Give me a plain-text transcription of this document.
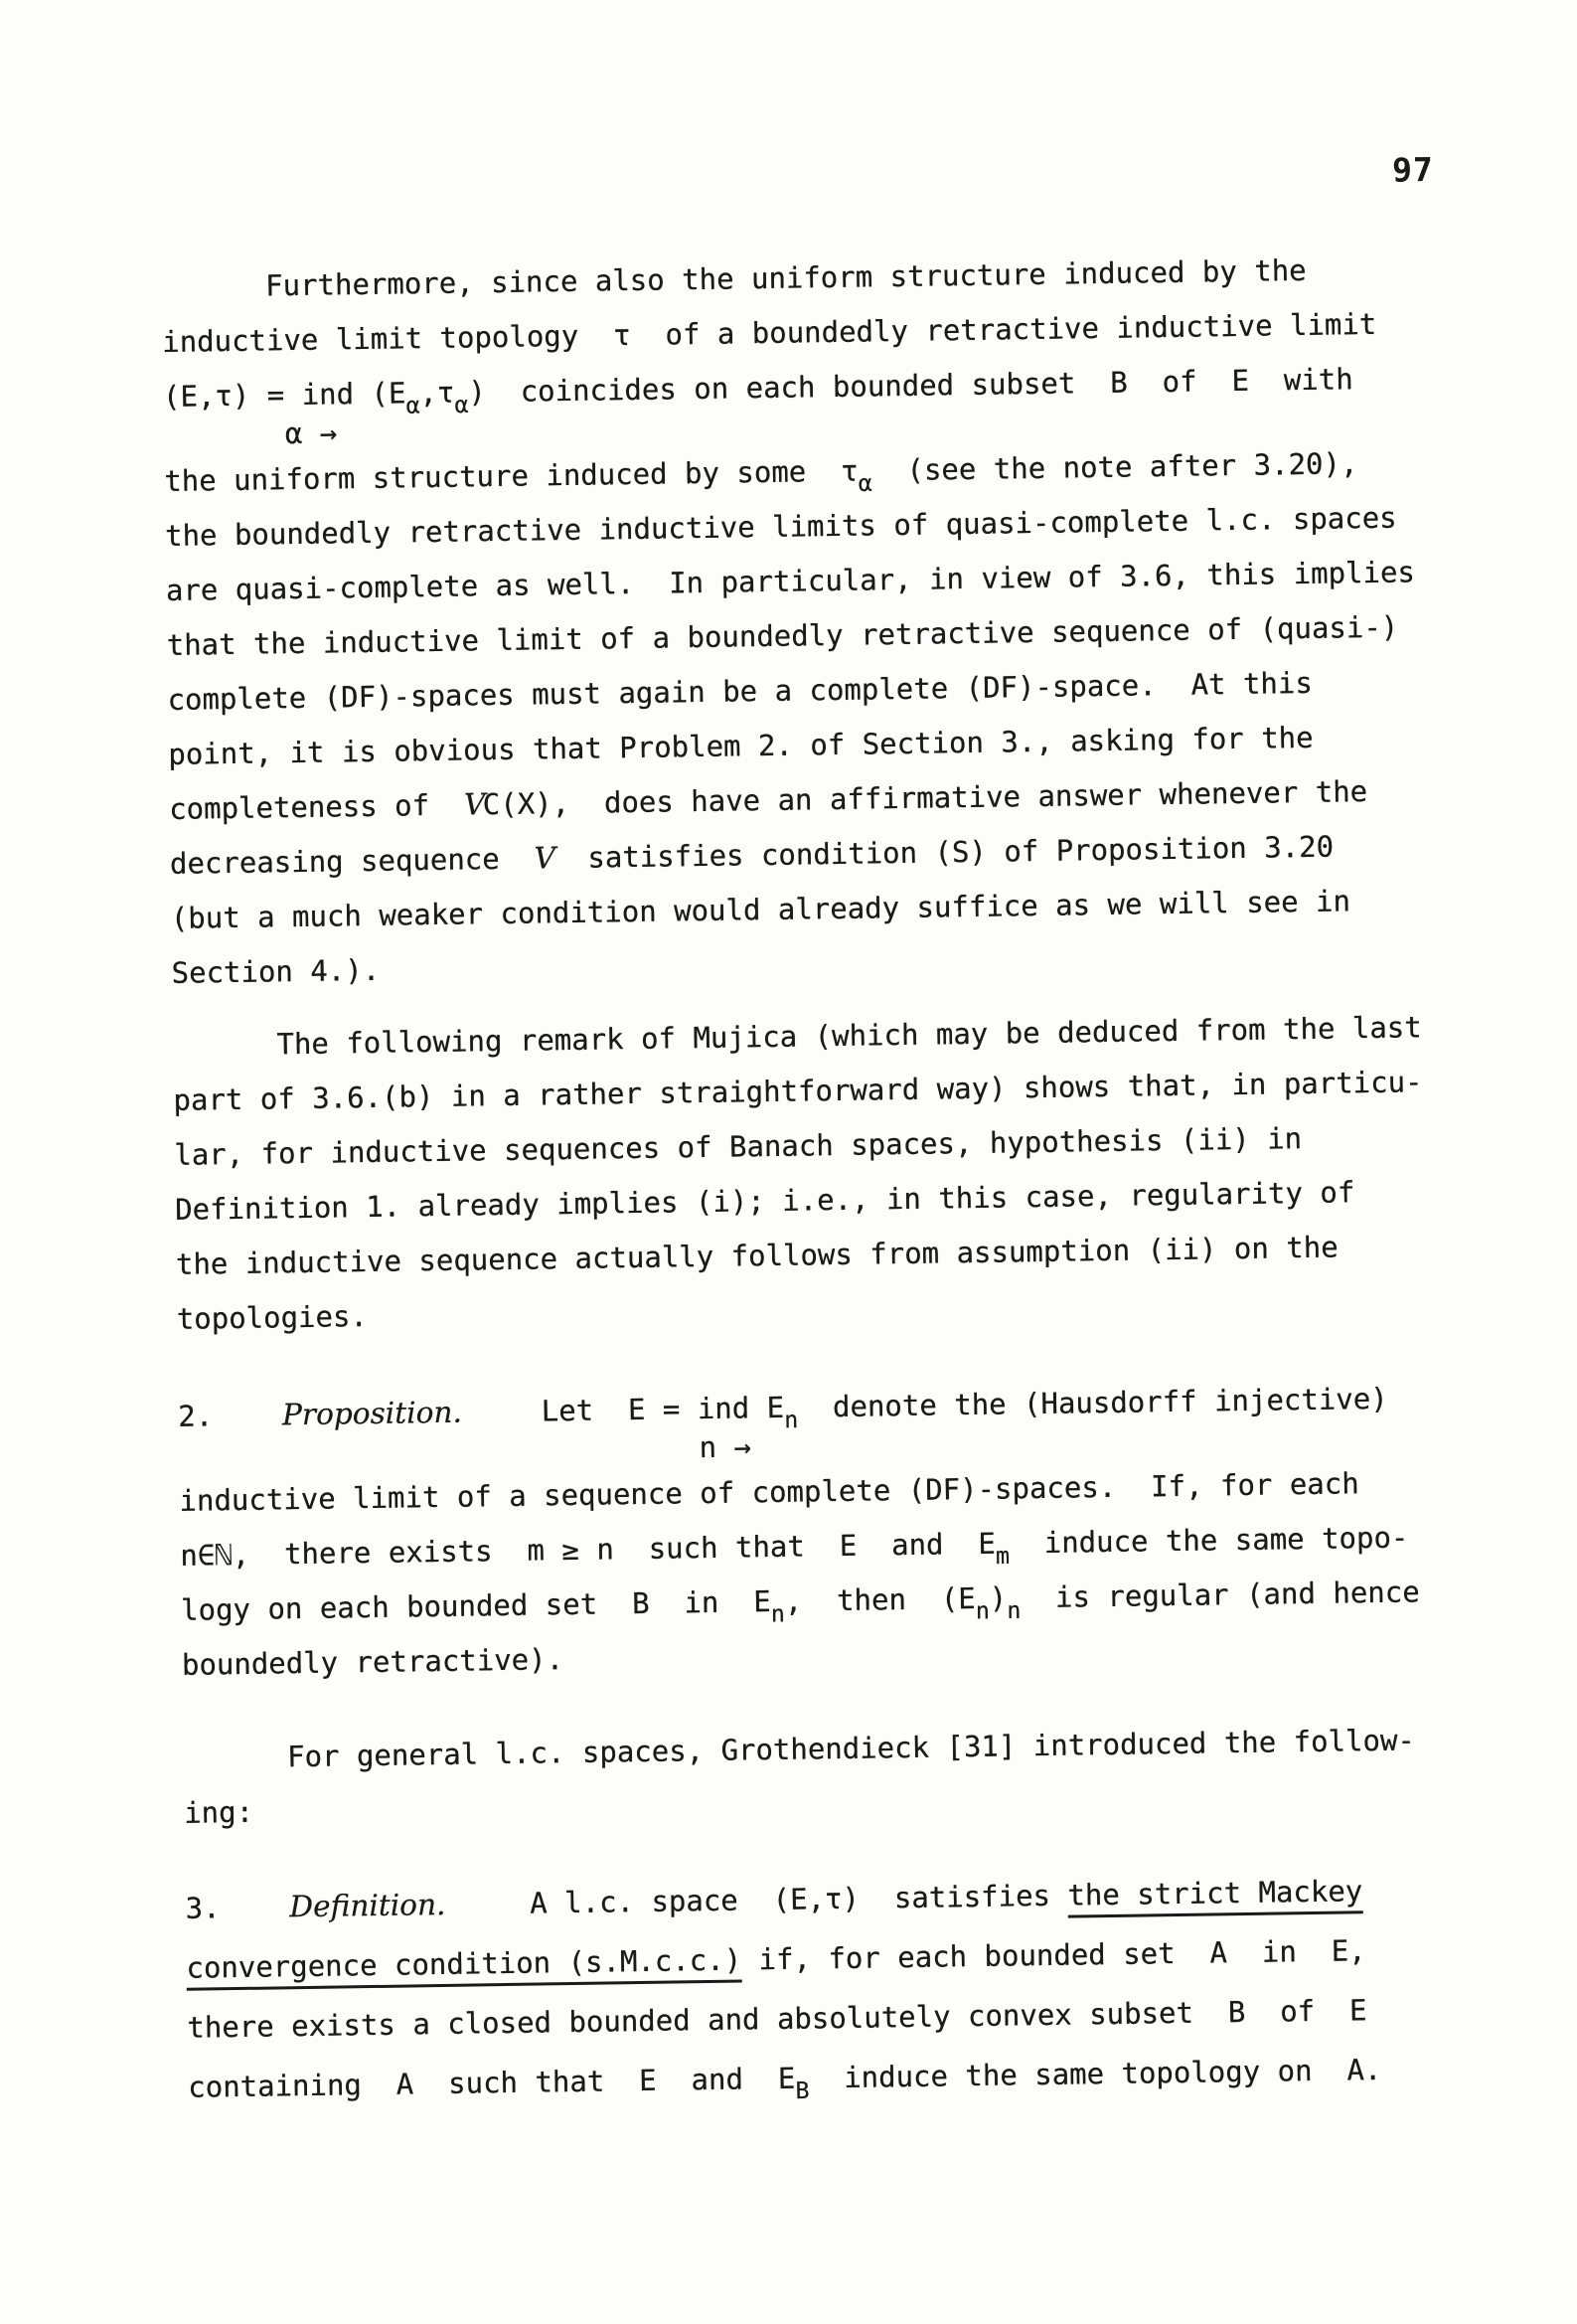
97
Furthermore, since also the uniform structure induced by the
inductive limit topology  τ  of a boundedly retractive inductive limit
(E,τ) = ind $(E_\alpha,\tau_\alpha)$  coincides on each bounded subset  B  of  E  with
α →
the uniform structure induced by some  $\tau_\alpha$  (see the note after 3.20),
the boundedly retractive inductive limits of quasi-complete l.c. spaces
are quasi-complete as well.  In particular, in view of 3.6, this implies
that the inductive limit of a boundedly retractive sequence of (quasi-)
complete (DF)-spaces must again be a complete (DF)-space.  At this
point, it is obvious that Problem 2. of Section 3., asking for the
completeness of  VC(X),  does have an affirmative answer whenever the
decreasing sequence  V  satisfies condition (S) of Proposition 3.20
(but a much weaker condition would already suffice as we will see in
Section 4.).
The following remark of Mujica (which may be deduced from the last
part of 3.6.(b) in a rather straightforward way) shows that, in particu-
lar, for inductive sequences of Banach spaces, hypothesis (ii) in
Definition 1. already implies (i); i.e., in this case, regularity of
the inductive sequence actually follows from assumption (ii) on the
topologies.
2.    Proposition.  Let  E = ind $E_n$  denote the (Hausdorff injective)
n →
inductive limit of a sequence of complete (DF)-spaces.  If, for each
n∈ℕ,  there exists  m ≥ n  such that  E  and  $E_m$  induce the same topo-
logy on each bounded set  B  in  $E_n$,  then  $(E_n)_n$  is regular (and hence
boundedly retractive).
For general l.c. spaces, Grothendieck [31] introduced the follow-
ing:
3.    Definition.  A l.c. space  (E,τ)  satisfies the strict Mackey
convergence condition (s.M.c.c.) if, for each bounded set  A  in  E,
there exists a closed bounded and absolutely convex subset  B  of  E
containing  A  such that  E  and  $E_B$  induce the same topology on  A.
